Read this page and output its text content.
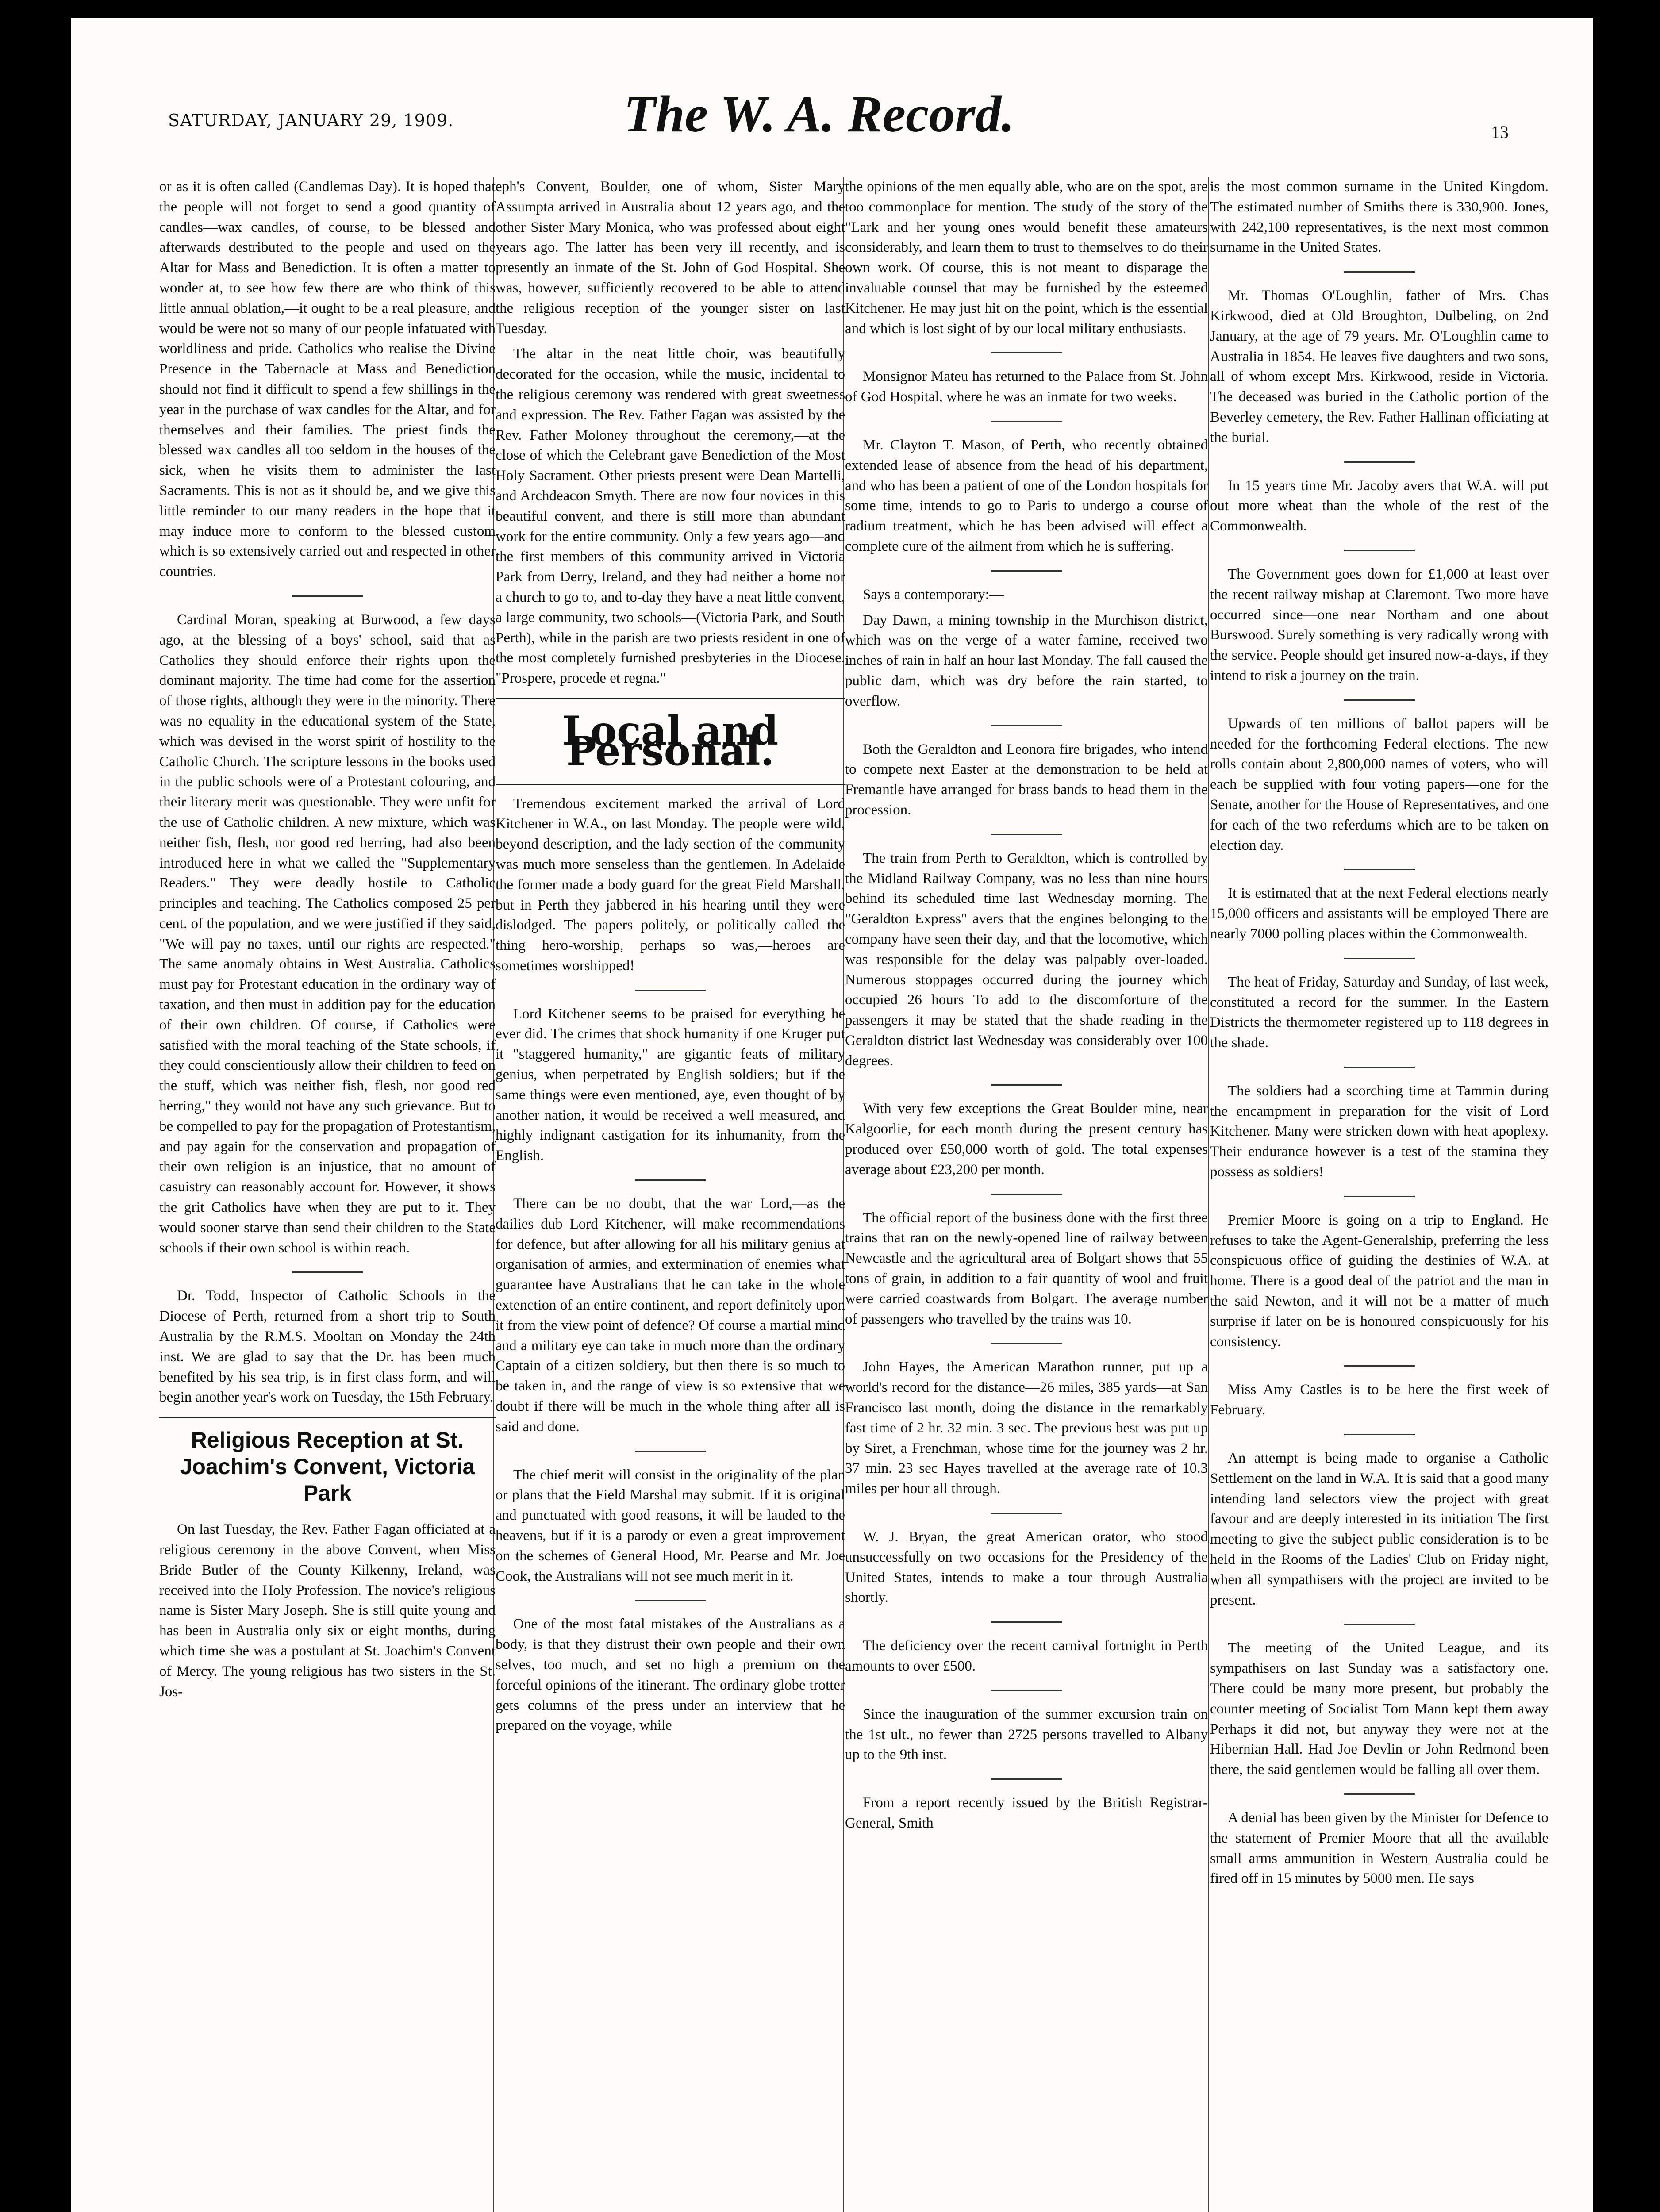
SATURDAY, JANUARY 29, 1909.	The W. A. Record.	13

or as it is often called (Candlemas Day). It is hoped that the people will not forget to send a good quantity of candles—wax candles, of course, to be blessed and afterwards destributed to the people and used on the Altar for Mass and Benediction. It is often a matter to wonder at, to see how few there are who think of this little annual oblation,—it ought to be a real pleasure, and would be were not so many of our people infatuated with worldliness and pride. Catholics who realise the Divine Presence in the Tabernacle at Mass and Benediction should not find it difficult to spend a few shillings in the year in the purchase of wax candles for the Altar, and for themselves and their families. The priest finds the blessed wax candles all too seldom in the houses of the sick, when he visits them to administer the last Sacraments. This is not as it should be, and we give this little reminder to our many readers in the hope that it may induce more to conform to the blessed custom which is so extensively carried out and respected in other countries.

Cardinal Moran, speaking at Burwood, a few days ago, at the blessing of a boys' school, said that as Catholics they should enforce their rights upon the dominant majority. The time had come for the assertion of those rights, although they were in the minority. There was no equality in the educational system of the State, which was devised in the worst spirit of hostility to the Catholic Church. The scripture lessons in the books used in the public schools were of a Protestant colouring, and their literary merit was questionable. They were unfit for the use of Catholic children. A new mixture, which was neither fish, flesh, nor good red herring, had also been introduced here in what we called the "Supplementary Readers." They were deadly hostile to Catholic principles and teaching. The Catholics composed 25 per cent. of the population, and we were justified if they said, "We will pay no taxes, until our rights are respected." The same anomaly obtains in West Australia. Catholics must pay for Protestant education in the ordinary way of taxation, and then must in addition pay for the education of their own children. Of course, if Catholics were satisfied with the moral teaching of the State schools, if they could conscientiously allow their children to feed on the stuff, which was neither fish, flesh, nor good red herring," they would not have any such grievance. But to be compelled to pay for the propagation of Protestantism, and pay again for the conservation and propagation of their own religion is an injustice, that no amount of casuistry can reasonably account for. However, it shows the grit Catholics have when they are put to it. They would sooner starve than send their children to the State schools if their own school is within reach.

Dr. Todd, Inspector of Catholic Schools in the Diocese of Perth, returned from a short trip to South Australia by the R.M.S. Mooltan on Monday the 24th inst. We are glad to say that the Dr. has been much benefited by his sea trip, is in first class form, and will begin another year's work on Tuesday, the 15th February.

Religious Reception at St. Joachim's Convent, Victoria Park

On last Tuesday, the Rev. Father Fagan officiated at a religious ceremony in the above Convent, when Miss Bride Butler of the County Kilkenny, Ireland, was received into the Holy Profession. The novice's religious name is Sister Mary Joseph. She is still quite young and has been in Australia only six or eight months, during which time she was a postulant at St. Joachim's Convent of Mercy. The young religious has two sisters in the St. Jos-

eph's Convent, Boulder, one of whom, Sister Mary Assumpta arrived in Australia about 12 years ago, and the other Sister Mary Monica, who was professed about eight years ago. The latter has been very ill recently, and is presently an inmate of the St. John of God Hospital. She was, however, sufficiently recovered to be able to attend the religious reception of the younger sister on last Tuesday.

The altar in the neat little choir, was beautifully decorated for the occasion, while the music, incidental to the religious ceremony was rendered with great sweetness and expression. The Rev. Father Fagan was assisted by the Rev. Father Moloney throughout the ceremony,—at the close of which the Celebrant gave Benediction of the Most Holy Sacrament. Other priests present were Dean Martelli, and Archdeacon Smyth. There are now four novices in this beautiful convent, and there is still more than abundant work for the entire community. Only a few years ago—and the first members of this community arrived in Victoria Park from Derry, Ireland, and they had neither a home nor a church to go to, and to-day they have a neat little convent, a large community, two schools—(Victoria Park, and South Perth), while in the parish are two priests resident in one of the most completely furnished presbyteries in the Diocese. "Prospere, procede et regna."

Local and Personal.

Tremendous excitement marked the arrival of Lord Kitchener in W.A., on last Monday. The people were wild, beyond description, and the lady section of the community was much more senseless than the gentlemen. In Adelaide the former made a body guard for the great Field Marshall, but in Perth they jabbered in his hearing until they were dislodged. The papers politely, or politically called the thing hero-worship, perhaps so was,—heroes are sometimes worshipped!

Lord Kitchener seems to be praised for everything he ever did. The crimes that shock humanity if one Kruger put it "staggered humanity," are gigantic feats of military genius, when perpetrated by English soldiers; but if the same things were even mentioned, aye, even thought of by another nation, it would be received a well measured, and highly indignant castigation for its inhumanity, from the English.

There can be no doubt, that the war Lord,—as the dailies dub Lord Kitchener, will make recommendations for defence, but after allowing for all his military genius at organisation of armies, and extermination of enemies what guarantee have Australians that he can take in the whole extenction of an entire continent, and report definitely upon it from the view point of defence? Of course a martial mind and a military eye can take in much more than the ordinary Captain of a citizen soldiery, but then there is so much to be taken in, and the range of view is so extensive that we doubt if there will be much in the whole thing after all is said and done.

The chief merit will consist in the originality of the plan or plans that the Field Marshal may submit. If it is original and punctuated with good reasons, it will be lauded to the heavens, but if it is a parody or even a great improvement on the schemes of General Hood, Mr. Pearse and Mr. Joe Cook, the Australians will not see much merit in it.

One of the most fatal mistakes of the Australians as a body, is that they distrust their own people and their own selves, too much, and set no high a premium on the forceful opinions of the itinerant. The ordinary globe trotter gets columns of the press under an interview that he prepared on the voyage, while

the opinions of the men equally able, who are on the spot, are too commonplace for mention. The study of the story of the "Lark and her young ones would benefit these amateurs considerably, and learn them to trust to themselves to do their own work. Of course, this is not meant to disparage the invaluable counsel that may be furnished by the esteemed Kitchener. He may just hit on the point, which is the essential and which is lost sight of by our local military enthusiasts.

Monsignor Mateu has returned to the Palace from St. John of God Hospital, where he was an inmate for two weeks.

Mr. Clayton T. Mason, of Perth, who recently obtained extended lease of absence from the head of his department, and who has been a patient of one of the London hospitals for some time, intends to go to Paris to undergo a course of radium treatment, which he has been advised will effect a complete cure of the ailment from which he is suffering.

Says a contemporary:—

Day Dawn, a mining township in the Murchison district, which was on the verge of a water famine, received two inches of rain in half an hour last Monday. The fall caused the public dam, which was dry before the rain started, to overflow.

Both the Geraldton and Leonora fire brigades, who intend to compete next Easter at the demonstration to be held at Fremantle have arranged for brass bands to head them in the procession.

The train from Perth to Geraldton, which is controlled by the Midland Railway Company, was no less than nine hours behind its scheduled time last Wednesday morning. The "Geraldton Express" avers that the engines belonging to the company have seen their day, and that the locomotive, which was responsible for the delay was palpably over-loaded. Numerous stoppages occurred during the journey which occupied 26 hours To add to the discomforture of the passengers it may be stated that the shade reading in the Geraldton district last Wednesday was considerably over 100 degrees.

With very few exceptions the Great Boulder mine, near Kalgoorlie, for each month during the present century has produced over £50,000 worth of gold. The total expenses average about £23,200 per month.

The official report of the business done with the first three trains that ran on the newly-opened line of railway between Newcastle and the agricultural area of Bolgart shows that 55 tons of grain, in addition to a fair quantity of wool and fruit were carried coastwards from Bolgart. The average number of passengers who travelled by the trains was 10.

John Hayes, the American Marathon runner, put up a world's record for the distance—26 miles, 385 yards—at San Francisco last month, doing the distance in the remarkably fast time of 2 hr. 32 min. 3 sec. The previous best was put up by Siret, a Frenchman, whose time for the journey was 2 hr. 37 min. 23 sec Hayes travelled at the average rate of 10.3 miles per hour all through.

W. J. Bryan, the great American orator, who stood unsuccessfully on two occasions for the Presidency of the United States, intends to make a tour through Australia shortly.

The deficiency over the recent carnival fortnight in Perth amounts to over £500.

Since the inauguration of the summer excursion train on the 1st ult., no fewer than 2725 persons travelled to Albany up to the 9th inst.

From a report recently issued by the British Registrar-General, Smith

is the most common surname in the United Kingdom. The estimated number of Smiths there is 330,900. Jones, with 242,100 representatives, is the next most common surname in the United States.

Mr. Thomas O'Loughlin, father of Mrs. Chas Kirkwood, died at Old Broughton, Dulbeling, on 2nd January, at the age of 79 years. Mr. O'Loughlin came to Australia in 1854. He leaves five daughters and two sons, all of whom except Mrs. Kirkwood, reside in Victoria. The deceased was buried in the Catholic portion of the Beverley cemetery, the Rev. Father Hallinan officiating at the burial.

In 15 years time Mr. Jacoby avers that W.A. will put out more wheat than the whole of the rest of the Commonwealth.

The Government goes down for £1,000 at least over the recent railway mishap at Claremont. Two more have occurred since—one near Northam and one about Burswood. Surely something is very radically wrong with the service. People should get insured now-a-days, if they intend to risk a journey on the train.

Upwards of ten millions of ballot papers will be needed for the forthcoming Federal elections. The new rolls contain about 2,800,000 names of voters, who will each be supplied with four voting papers—one for the Senate, another for the House of Representatives, and one for each of the two referdums which are to be taken on election day.

It is estimated that at the next Federal elections nearly 15,000 officers and assistants will be employed There are nearly 7000 polling places within the Commonwealth.

The heat of Friday, Saturday and Sunday, of last week, constituted a record for the summer. In the Eastern Districts the thermometer registered up to 118 degrees in the shade.

The soldiers had a scorching time at Tammin during the encampment in preparation for the visit of Lord Kitchener. Many were stricken down with heat apoplexy. Their endurance however is a test of the stamina they possess as soldiers!

Premier Moore is going on a trip to England. He refuses to take the Agent-Generalship, preferring the less conspicuous office of guiding the destinies of W.A. at home. There is a good deal of the patriot and the man in the said Newton, and it will not be a matter of much surprise if later on be is honoured conspicuously for his consistency.

Miss Amy Castles is to be here the first week of February.

An attempt is being made to organise a Catholic Settlement on the land in W.A. It is said that a good many intending land selectors view the project with great favour and are deeply interested in its initiation The first meeting to give the subject public consideration is to be held in the Rooms of the Ladies' Club on Friday night, when all sympathisers with the project are invited to be present.

The meeting of the United League, and its sympathisers on last Sunday was a satisfactory one. There could be many more present, but probably the counter meeting of Socialist Tom Mann kept them away Perhaps it did not, but anyway they were not at the Hibernian Hall. Had Joe Devlin or John Redmond been there, the said gentlemen would be falling all over them.

A denial has been given by the Minister for Defence to the statement of Premier Moore that all the available small arms ammunition in Western Australia could be fired off in 15 minutes by 5000 men. He says
